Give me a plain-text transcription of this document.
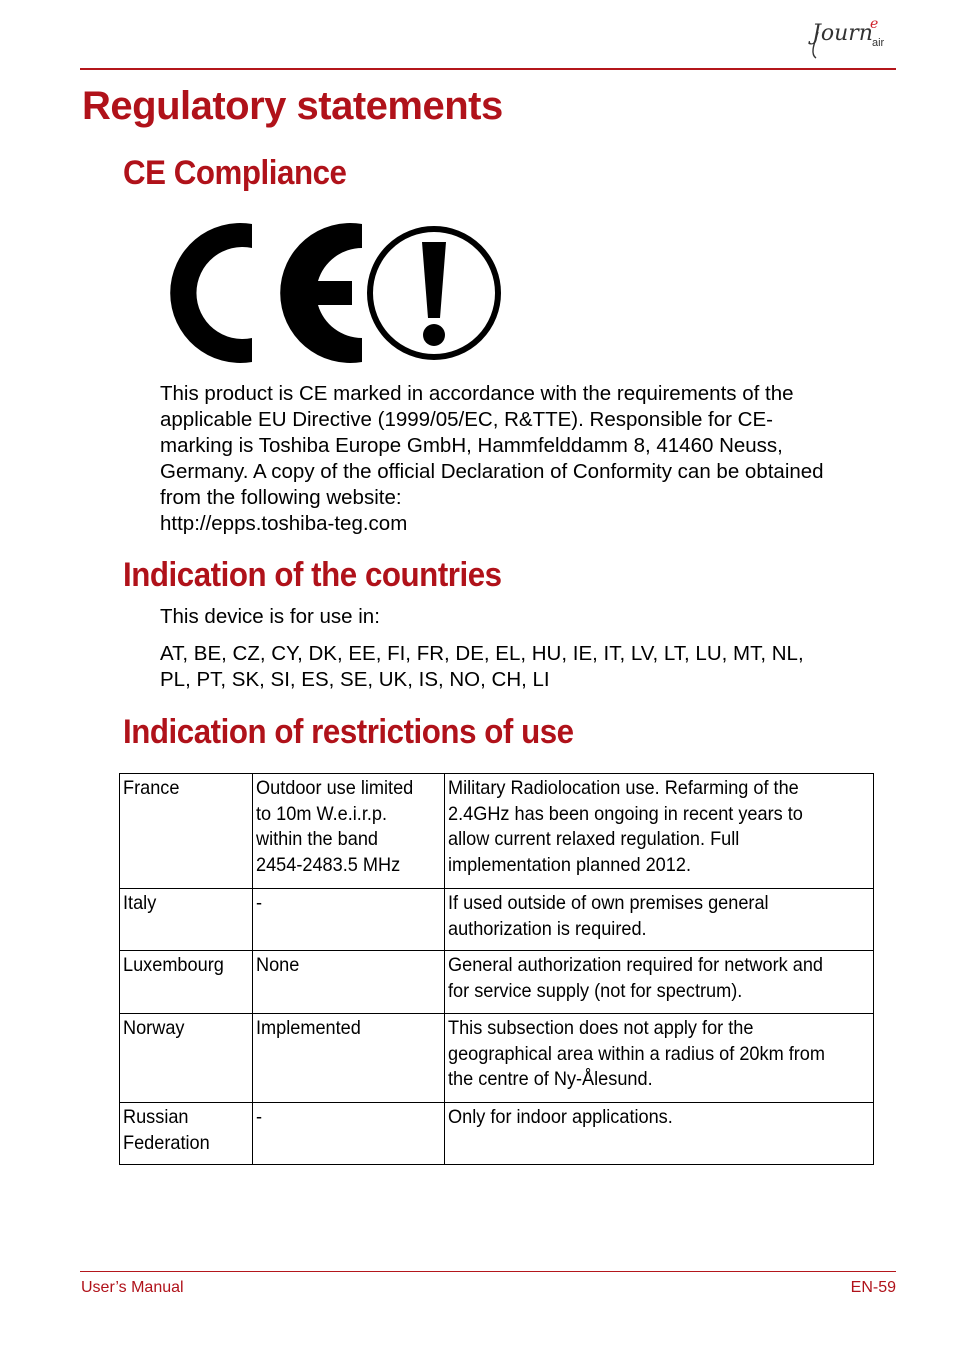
Journ
e
air
Regulatory statements
CE Compliance

This product is CE marked in accordance with the requirements of the
applicable EU Directive (1999/05/EC, R&TTE). Responsible for CE-
marking is Toshiba Europe GmbH, Hammfelddamm 8, 41460 Neuss,
Germany. A copy of the official Declaration of Conformity can be obtained
from the following website:
http://epps.toshiba-teg.com

Indication of the countries

This device is for use in:

AT, BE, CZ, CY, DK, EE, FI, FR, DE, EL, HU, IE, IT, LV, LT, LU, MT, NL,
PL, PT, SK, SI, ES, SE, UK, IS, NO, CH, LI

Indication of restrictions of use
France	Outdoor use limited
to 10m W.e.i.r.p.
within the band
2454-2483.5 MHz	Military Radiolocation use. Refarming of the
2.4GHz has been ongoing in recent years to
allow current relaxed regulation. Full
implementation planned 2012.
Italy	-	If used outside of own premises general
authorization is required.
Luxembourg	None	General authorization required for network and
for service supply (not for spectrum).
Norway	Implemented	This subsection does not apply for the
geographical area within a radius of 20km from
the centre of Ny-Ålesund.
Russian
Federation	-	Only for indoor applications.
User’s Manual	EN-59
